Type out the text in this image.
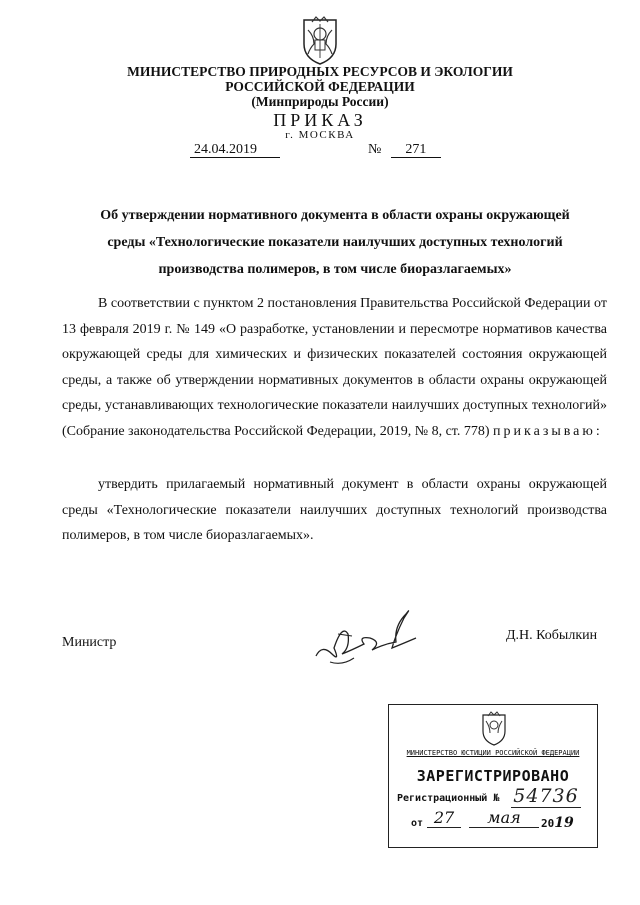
МИНИСТЕРСТВО ПРИРОДНЫХ РЕСУРСОВ И ЭКОЛОГИИ
РОССИЙСКОЙ ФЕДЕРАЦИИ
(Минприроды России)
ПРИКАЗ
г. МОСКВА
24.04.2019	№ 271
Об утверждении нормативного документа в области охраны окружающей
среды «Технологические показатели наилучших доступных технологий
производства полимеров, в том числе биоразлагаемых»
В соответствии с пунктом 2 постановления Правительства Российской Федерации от 13 февраля 2019 г. № 149 «О разработке, установлении и пересмотре нормативов качества окружающей среды для химических и физических показателей состояния окружающей среды, а также об утверждении нормативных документов в области охраны окружающей среды, устанавливающих технологические показатели наилучших доступных технологий» (Собрание законодательства Российской Федерации, 2019, № 8, ст. 778) приказываю:
утвердить прилагаемый нормативный документ в области охраны окружающей среды «Технологические показатели наилучших доступных технологий производства полимеров, в том числе биоразлагаемых».
Министр	Д.Н. Кобылкин
МИНИСТЕРСТВО ЮСТИЦИИ РОССИЙСКОЙ ФЕДЕРАЦИИ
ЗАРЕГИСТРИРОВАНО
Регистрационный № 54736
от 27	мая	2019
